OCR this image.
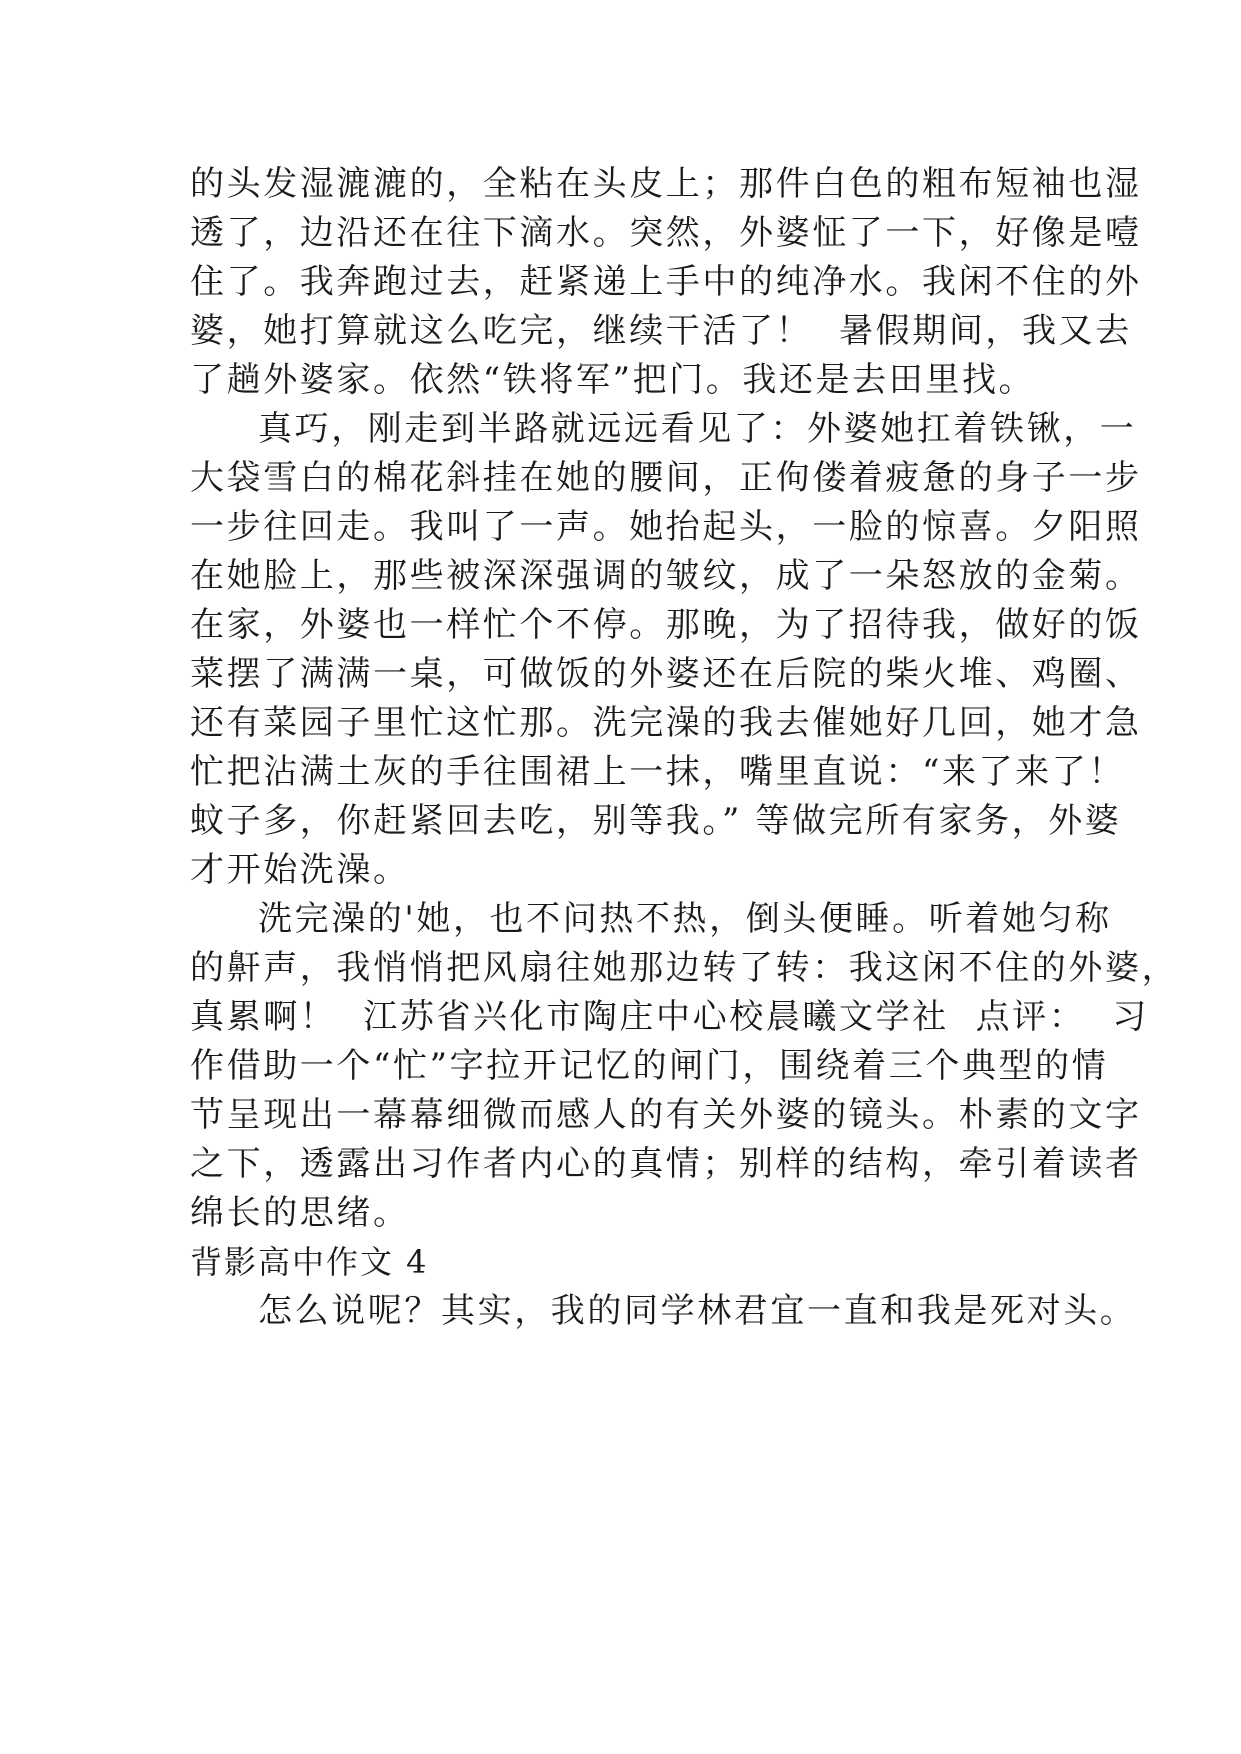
的头发湿漉漉的，全粘在头皮上；那件白色的粗布短袖也湿

透了，边沿还在往下滴水。突然，外婆怔了一下，好像是噎

住了。我奔跑过去，赶紧递上手中的纯净水。我闲不住的外

婆，她打算就这么吃完，继续干活了！  暑假期间，我又去

了趟外婆家。依然“铁将军”把门。我还是去田里找。

真巧，刚走到半路就远远看见了：外婆她扛着铁锹，一

大袋雪白的棉花斜挂在她的腰间，正佝偻着疲惫的身子一步

一步往回走。我叫了一声。她抬起头，一脸的惊喜。夕阳照

在她脸上，那些被深深强调的皱纹，成了一朵怒放的金菊。

在家，外婆也一样忙个不停。那晚，为了招待我，做好的饭

菜摆了满满一桌，可做饭的外婆还在后院的柴火堆、鸡圈、

还有菜园子里忙这忙那。洗完澡的我去催她好几回，她才急

忙把沾满土灰的手往围裙上一抹，嘴里直说：“来了来了！

蚊子多，你赶紧回去吃，别等我。” 等做完所有家务，外婆

才开始洗澡。

洗完澡的'她，也不问热不热，倒头便睡。听着她匀称

的鼾声，我悄悄把风扇往她那边转了转：我这闲不住的外婆，

真累啊！  江苏省兴化市陶庄中心校晨曦文学社  点评：  习

作借助一个“忙”字拉开记忆的闸门，围绕着三个典型的情

节呈现出一幕幕细微而感人的有关外婆的镜头。朴素的文字

之下，透露出习作者内心的真情；别样的结构，牵引着读者

绵长的思绪。

背影高中作文 4

怎么说呢？其实，我的同学林君宜一直和我是死对头。
